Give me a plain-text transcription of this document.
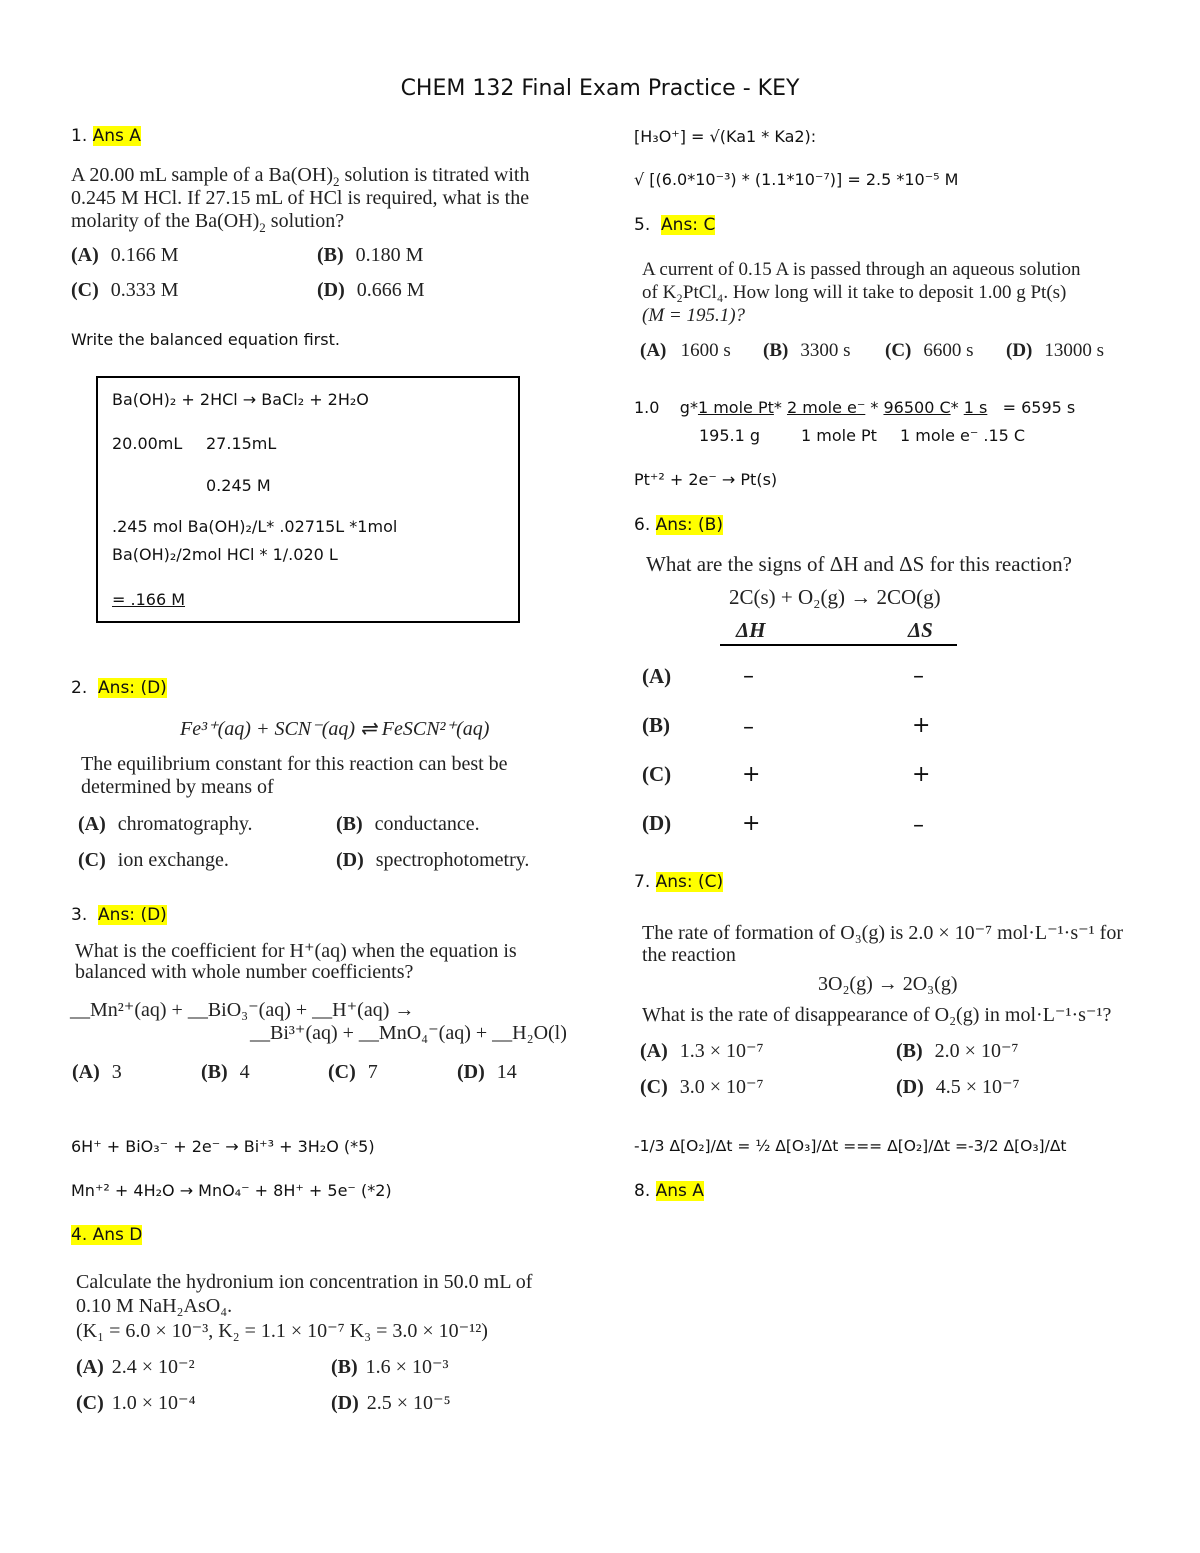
CHEM 132 Final Exam Practice - KEY
1. Ans A
A 20.00 mL sample of a $Ba(OH)_2$ solution is titrated with
0.245 M HCl. If 27.15 mL of HCl is required, what is the
molarity of the $Ba(OH)_2$ solution?
(A) 0.166 M	(B) 0.180 M
(C) 0.333 M	(D) 0.666 M
Write the balanced equation first.
Ba(OH)₂ + 2HCl → BaCl₂ + 2H₂O
20.00mL 27.15mL
0.245 M
.245 mol Ba(OH)₂/L* .02715L *1mol
Ba(OH)₂/2mol HCl * 1/.020 L
= .166 M
2. Ans: (D)
Fe³⁺(aq) + SCN⁻(aq) ⇌ FeSCN²⁺(aq)
The equilibrium constant for this reaction can best be
determined by means of
(A) chromatography.	(B) conductance.
(C) ion exchange.	(D) spectrophotometry.
3. Ans: (D)
What is the coefficient for H⁺(aq) when the equation is
balanced with whole number coefficients?
__Mn²⁺(aq) + __BiO₃⁻(aq) + __H⁺(aq) →
__Bi³⁺(aq) + __MnO₄⁻(aq) + __H₂O(l)
(A) 3	(B) 4	(C) 7	(D) 14
6H⁺ + BiO₃⁻ + 2e⁻ → Bi⁺³ + 3H₂O (*5)
Mn⁺² + 4H₂O → MnO₄⁻ + 8H⁺ + 5e⁻ (*2)
4. Ans D
Calculate the hydronium ion concentration in 50.0 mL of
0.10 M NaH₂AsO₄.
(K₁ = 6.0 × 10⁻³, K₂ = 1.1 × 10⁻⁷ K₃ = 3.0 × 10⁻¹²)
(A) 2.4 × 10⁻²	(B) 1.6 × 10⁻³
(C) 1.0 × 10⁻⁴	(D) 2.5 × 10⁻⁵
[H₃O⁺] = √(Ka1 * Ka2):
√ [(6.0*10⁻³) * (1.1*10⁻⁷)] = 2.5 *10⁻⁵ M
5. Ans: C
A current of 0.15 A is passed through an aqueous solution
of K₂PtCl₄. How long will it take to deposit 1.00 g Pt(s)
(M = 195.1)?
(A) 1600 s (B) 3300 s (C) 6600 s (D) 13000 s
1.0 g*1 mole Pt* 2 mole e⁻ * 96500 C* 1 s = 6595 s
195.1 g	1 mole Pt 1 mole e⁻ .15 C
Pt⁺² + 2e⁻ → Pt(s)
6. Ans: (B)
What are the signs of ΔH and ΔS for this reaction?
2C(s) + O₂(g) → 2CO(g)
ΔH	ΔS
(A)	–	–
(B)	–	+
(C)	+	+
(D)	+	–
7. Ans: (C)
The rate of formation of O₃(g) is 2.0 × 10⁻⁷ mol·L⁻¹·s⁻¹ for
the reaction
3O₂(g) → 2O₃(g)
What is the rate of disappearance of O₂(g) in mol·L⁻¹·s⁻¹?
(A) 1.3 × 10⁻⁷	(B) 2.0 × 10⁻⁷
(C) 3.0 × 10⁻⁷	(D) 4.5 × 10⁻⁷
-1/3 Δ[O₂]/Δt = ½ Δ[O₃]/Δt === Δ[O₂]/Δt =-3/2 Δ[O₃]/Δt
8. Ans A
